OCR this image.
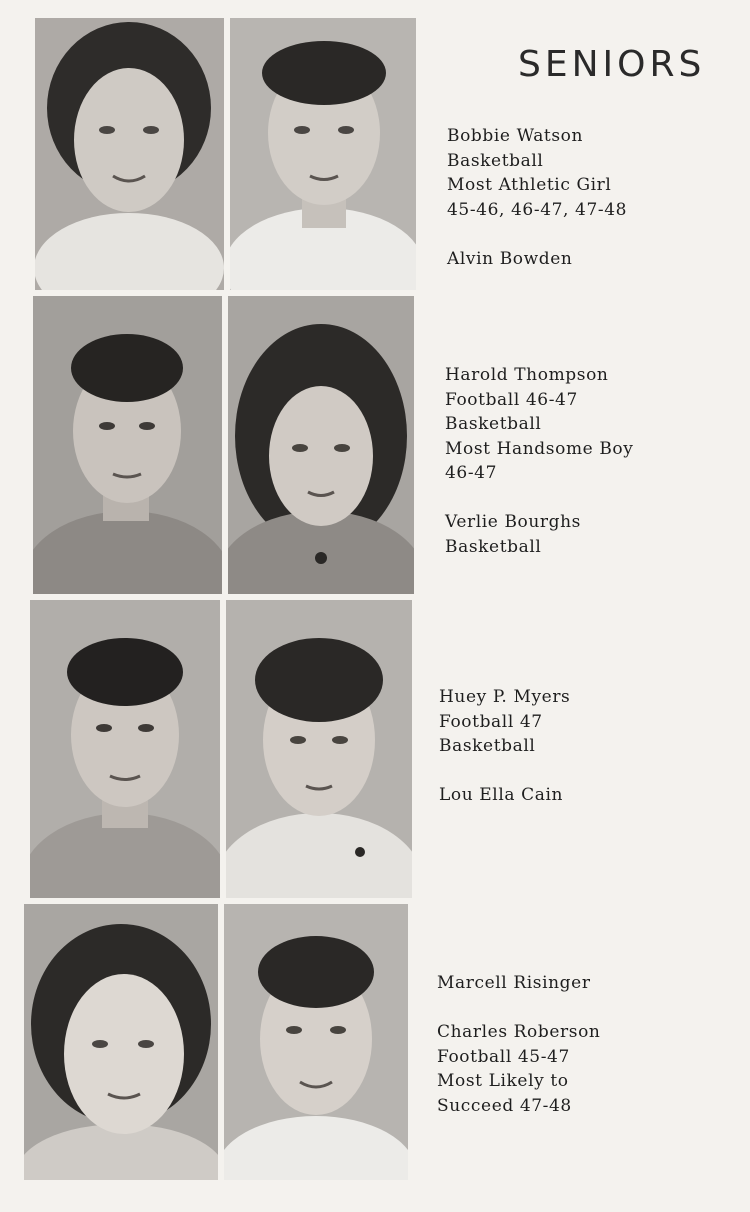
SENIORS
Bobbie Watson
Basketball
Most Athletic Girl
45-46, 46-47, 47-48
Alvin Bowden
Harold Thompson
Football 46-47
Basketball
Most Handsome Boy
46-47
Verlie Bourghs
Basketball
Huey P. Myers
Football 47
Basketball
Lou Ella Cain
Marcell Risinger
Charles Roberson
Football 45-47
Most Likely to
Succeed 47-48
